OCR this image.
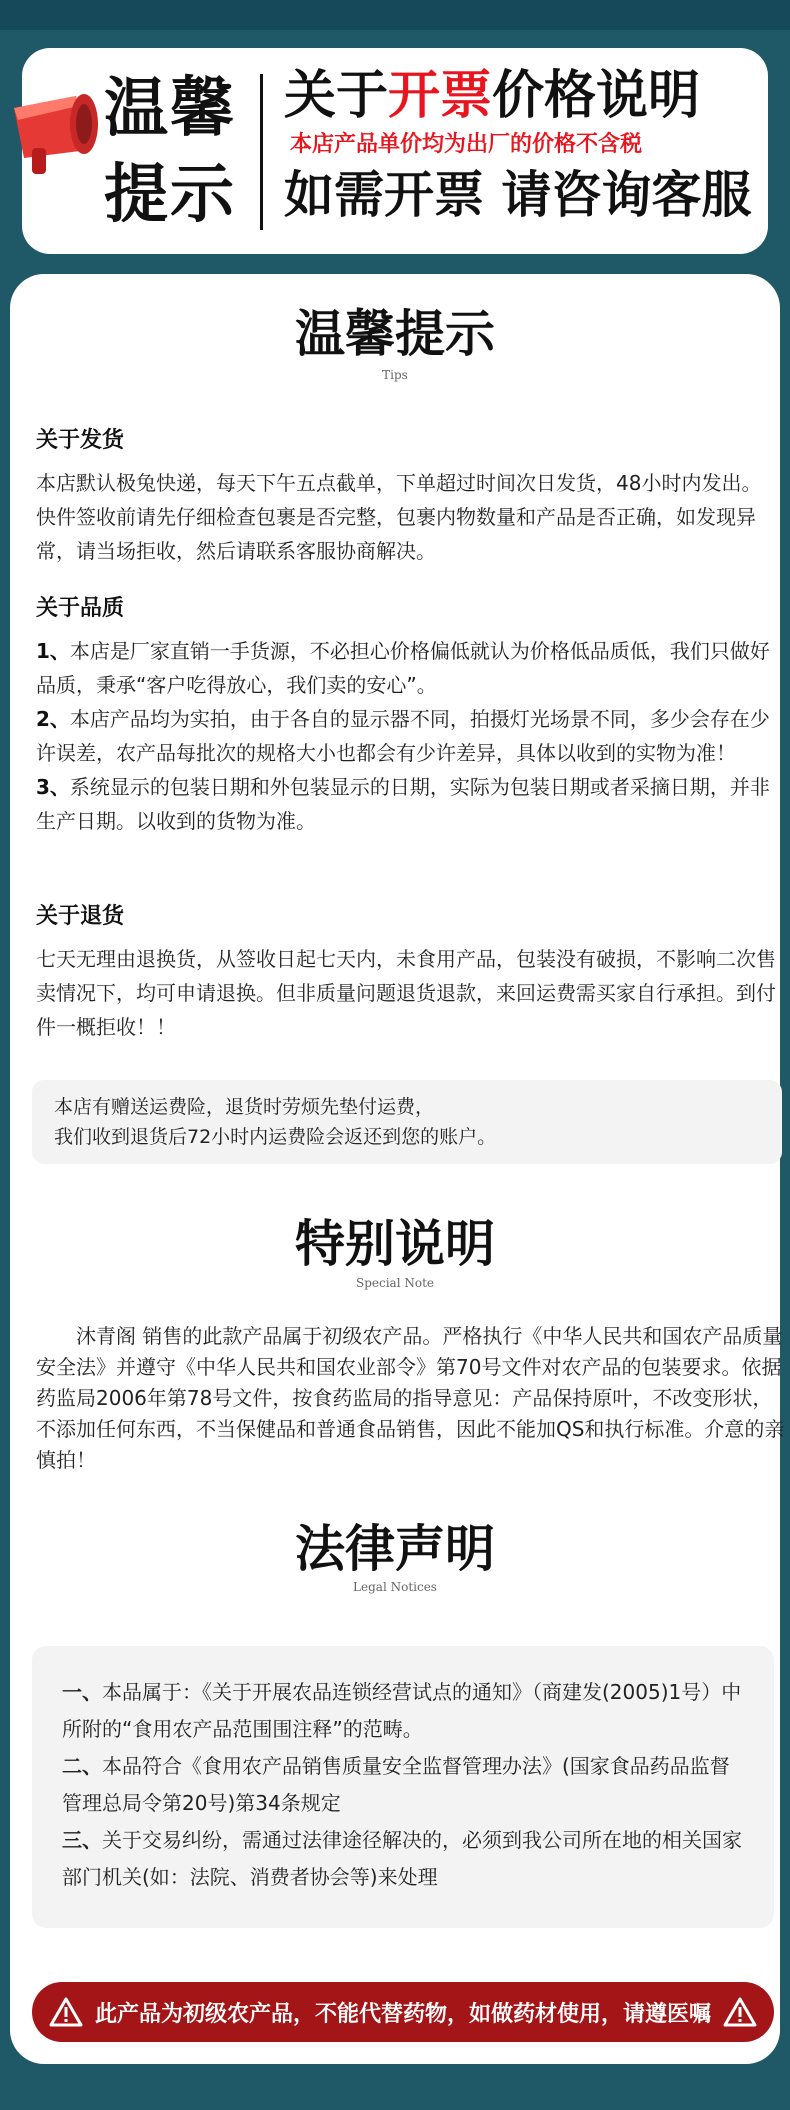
温馨
提示
关于开票价格说明
本店产品单价均为出厂的价格不含税
如需开票 请咨询客服
温馨提示
Tips
关于发货

本店默认极兔快递，每天下午五点截单，下单超过时间次日发货，48小时内发出。快件签收前请先仔细检查包裹是否完整，包裹内物数量和产品是否正确，如发现异常，请当场拒收，然后请联系客服协商解决。

关于品质

1、本店是厂家直销一手货源，不必担心价格偏低就认为价格低品质低，我们只做好品质，秉承“客户吃得放心，我们卖的安心”。

2、本店产品均为实拍，由于各自的显示器不同，拍摄灯光场景不同，多少会存在少许误差，农产品每批次的规格大小也都会有少许差异，具体以收到的实物为准！

3、系统显示的包装日期和外包装显示的日期，实际为包装日期或者采摘日期，并非生产日期。以收到的货物为准。

关于退货

七天无理由退换货，从签收日起七天内，未食用产品，包装没有破损，不影响二次售卖情况下，均可申请退换。但非质量问题退货退款，来回运费需买家自行承担。到付件一概拒收！！

本店有赠送运费险，退货时劳烦先垫付运费，
我们收到退货后72小时内运费险会返还到您的账户。
特别说明
Special Note
沐青阁 销售的此款产品属于初级农产品。严格执行《中华人民共和国农产品质量安全法》并遵守《中华人民共和国农业部令》第70号文件对农产品的包装要求。依据药监局2006年第78号文件，按食药监局的指导意见：产品保持原叶，不改变形状，不添加任何东西，不当保健品和普通食品销售，因此不能加QS和执行标准。介意的亲慎拍！
法律声明
Legal Notices

一、本品属于：《关于开展农品连锁经营试点的通知》（商建发(2005)1号）中所附的“食用农产品范围围注释”的范畴。

二、本品符合《食用农产品销售质量安全监督管理办法》(国家食品药品监督管理总局令第20号)第34条规定

三、关于交易纠纷，需通过法律途径解决的，必须到我公司所在地的相关国家部门机关(如：法院、消费者协会等)来处理

此产品为初级农产品，不能代替药物，如做药材使用，请遵医嘱
